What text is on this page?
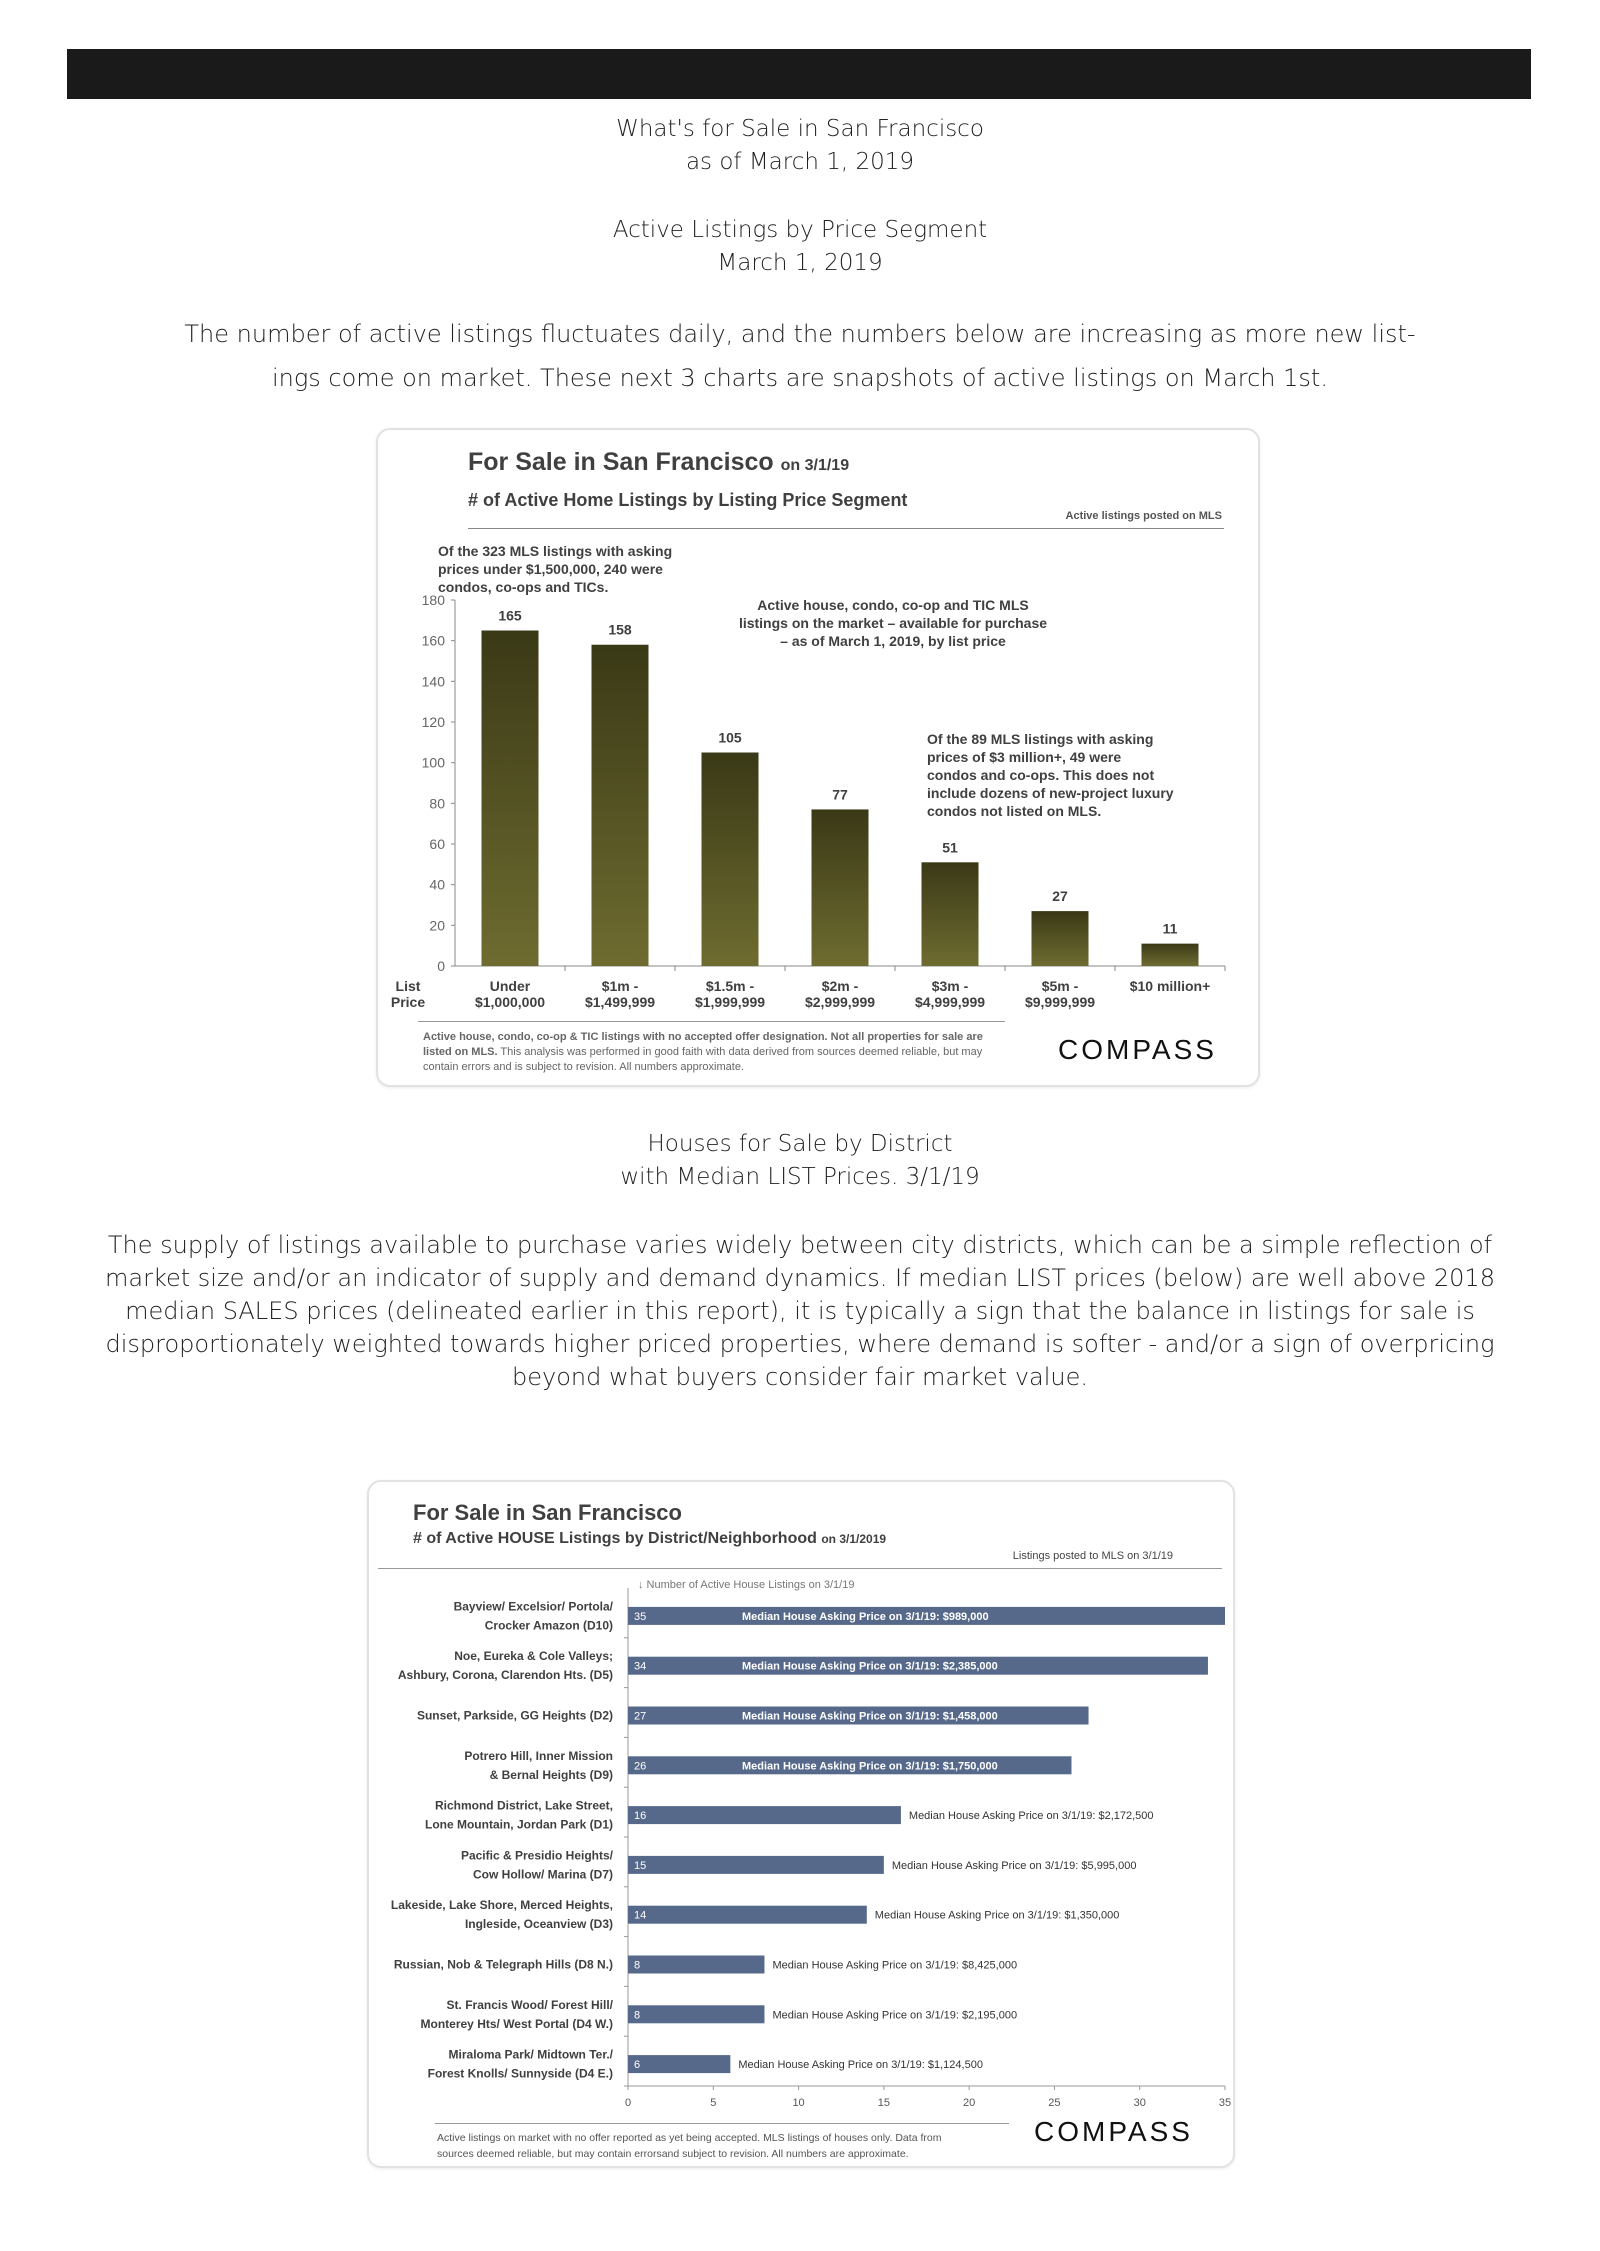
What's for Sale in San Francisco
as of March 1, 2019
Active Listings by Price Segment
March 1, 2019
The number of active listings fluctuates daily, and the numbers below are increasing as more new list-
ings come on market. These next 3 charts are snapshots of active listings on March 1st.
For Sale in San Francisco on 3/1/19
# of Active Home Listings by Listing Price Segment
Active listings posted on MLS
Of the 323 MLS listings with asking
prices under $1,500,000, 240 were
condos, co-ops and TICs.
Active house, condo, co-op and TIC MLS
listings on the market – available for purchase
– as of March 1, 2019, by list price
Of the 89 MLS listings with asking
prices of $3 million+, 49 were
condos and co-ops. This does not
include dozens of new-project luxury
condos not listed on MLS.
0
20
40
60
80
100
120
140
160
180
List
Price
165
Under
$1,000,000
158
$1m -
$1,499,999
105
$1.5m -
$1,999,999
77
$2m -
$2,999,999
51
$3m -
$4,999,999
27
$5m -
$9,999,999
11
$10 million+
Active house, condo, co-op & TIC listings with no accepted offer designation. Not all properties for sale are listed on MLS. This analysis was performed in good faith with data derived from sources deemed reliable, but may contain errors and is subject to revision. All numbers approximate.
COMPASS
Houses for Sale by District
with Median LIST Prices. 3/1/19
The supply of listings available to purchase varies widely between city districts, which can be a simple reflection of
market size and/or an indicator of supply and demand dynamics. If median LIST prices (below) are well above 2018
median SALES prices (delineated earlier in this report), it is typically a sign that the balance in listings for sale is
disproportionately weighted towards higher priced properties, where demand is softer - and/or a sign of overpricing
beyond what buyers consider fair market value.
For Sale in San Francisco
# of Active HOUSE Listings by District/Neighborhood on 3/1/2019
Listings posted to MLS on 3/1/19
↓ Number of Active House Listings on 3/1/19
0	5	10	15	20	25	30	35
35	Median House Asking Price on 3/1/19: $989,000
Bayview/ Excelsior/ Portola/
Crocker Amazon (D10)
34	Median House Asking Price on 3/1/19: $2,385,000
Noe, Eureka & Cole Valleys;
Ashbury, Corona, Clarendon Hts. (D5)
27	Median House Asking Price on 3/1/19: $1,458,000
Sunset, Parkside, GG Heights (D2)
26	Median House Asking Price on 3/1/19: $1,750,000
Potrero Hill, Inner Mission
& Bernal Heights (D9)
16	Median House Asking Price on 3/1/19: $2,172,500
Richmond District, Lake Street,
Lone Mountain, Jordan Park (D1)
15	Median House Asking Price on 3/1/19: $5,995,000
Pacific & Presidio Heights/
Cow Hollow/ Marina (D7)
14	Median House Asking Price on 3/1/19: $1,350,000
Lakeside, Lake Shore, Merced Heights,
Ingleside, Oceanview (D3)
8	Median House Asking Price on 3/1/19: $8,425,000
Russian, Nob & Telegraph Hills (D8 N.)
8	Median House Asking Price on 3/1/19: $2,195,000
St. Francis Wood/ Forest Hill/
Monterey Hts/ West Portal (D4 W.)
6	Median House Asking Price on 3/1/19: $1,124,500
Miraloma Park/ Midtown Ter./
Forest Knolls/ Sunnyside (D4 E.)
Active listings on market with no offer reported as yet being accepted. MLS listings of houses only. Data from
sources deemed reliable, but may contain errorsand subject to revision. All numbers are approximate.
COMPASS
